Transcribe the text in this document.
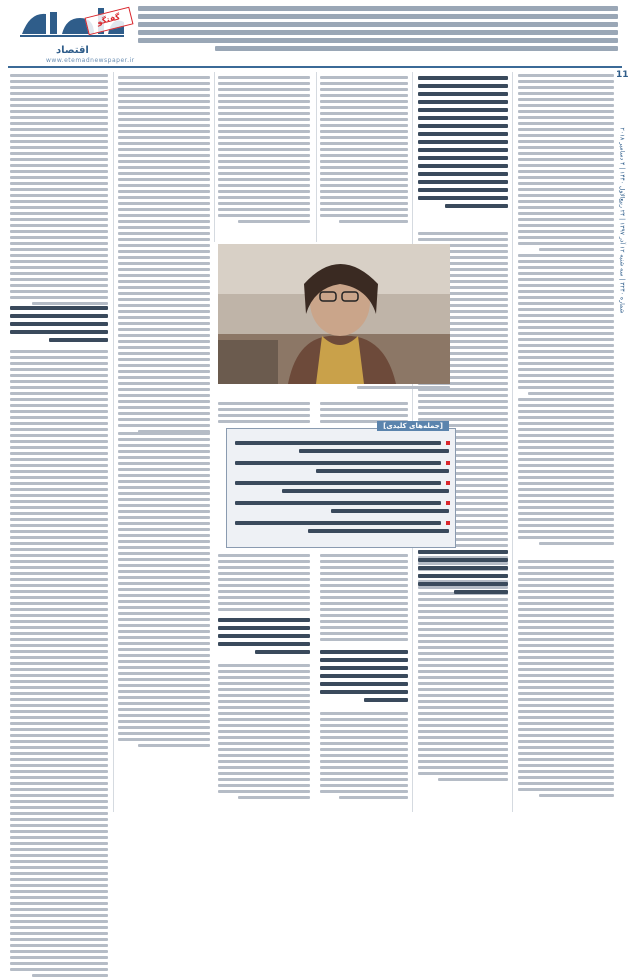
گفتگو
اقتصاد
www.etemadnewspaper.ir
11
شماره ۳۲۴۰ | سه شنبه ۱۲ آذر ۱۳۹۷ | ۲۴ ربیع‌الاول ۱۴۴۰ | ۴ دسامبر ۲۰۱۸
[جمله‌های کلیدی]
